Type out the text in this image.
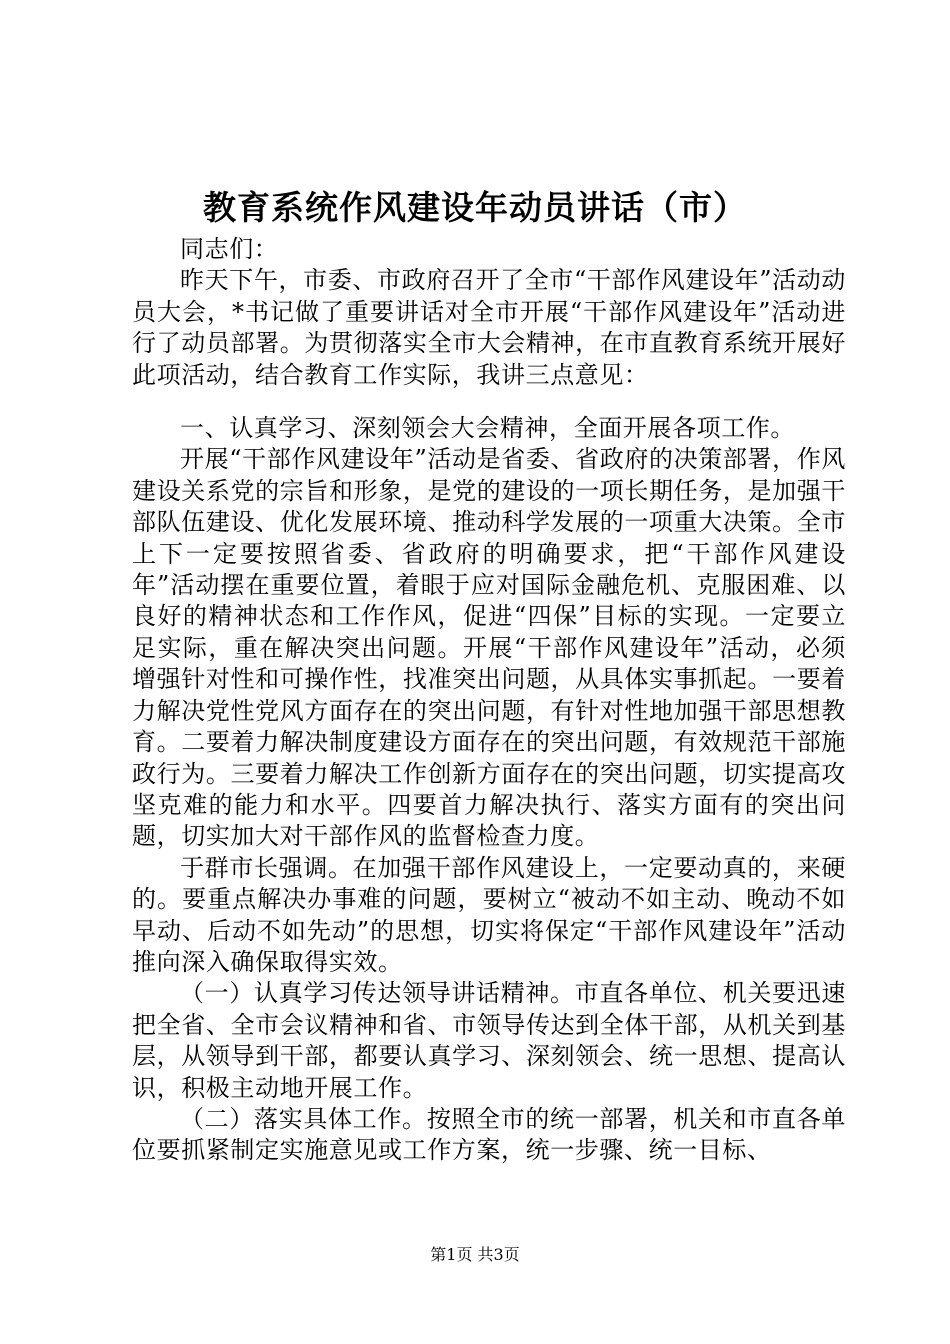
教育系统作风建设年动员讲话（市）

同志们：

昨天下午，市委、市政府召开了全市“干部作风建设年”活动动员大会，*书记做了重要讲话对全市开展“干部作风建设年”活动进行了动员部署。为贯彻落实全市大会精神，在市直教育系统开展好此项活动，结合教育工作实际，我讲三点意见：

一、认真学习、深刻领会大会精神，全面开展各项工作。

开展“干部作风建设年”活动是省委、省政府的决策部署，作风建设关系党的宗旨和形象，是党的建设的一项长期任务，是加强干部队伍建设、优化发展环境、推动科学发展的一项重大决策。全市上下一定要按照省委、省政府的明确要求，把“干部作风建设年”活动摆在重要位置，着眼于应对国际金融危机、克服困难、以良好的精神状态和工作作风，促进“四保”目标的实现。一定要立足实际，重在解决突出问题。开展“干部作风建设年”活动，必须增强针对性和可操作性，找准突出问题，从具体实事抓起。一要着力解决党性党风方面存在的突出问题，有针对性地加强干部思想教育。二要着力解决制度建设方面存在的突出问题，有效规范干部施政行为。三要着力解决工作创新方面存在的突出问题，切实提高攻坚克难的能力和水平。四要首力解决执行、落实方面有的突出问题，切实加大对干部作风的监督检查力度。

于群市长强调。在加强干部作风建设上，一定要动真的，来硬的。要重点解决办事难的问题，要树立“被动不如主动、晚动不如早动、后动不如先动”的思想，切实将保定“干部作风建设年”活动推向深入确保取得实效。

（一）认真学习传达领导讲话精神。市直各单位、机关要迅速把全省、全市会议精神和省、市领导传达到全体干部，从机关到基层，从领导到干部，都要认真学习、深刻领会、统一思想、提高认识，积极主动地开展工作。

（二）落实具体工作。按照全市的统一部署，机关和市直各单位要抓紧制定实施意见或工作方案，统一步骤、统一目标、

第1页 共3页
